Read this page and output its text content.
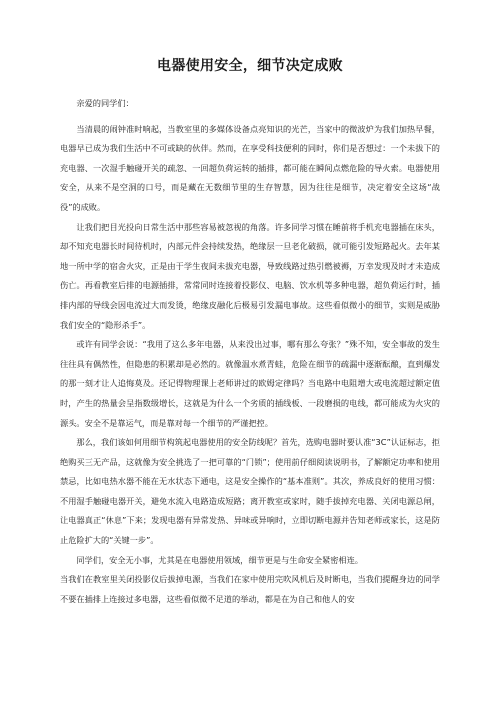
电器使用安全，细节决定成败

亲爱的同学们：

当清晨的闹钟准时响起，当教室里的多媒体设备点亮知识的光芒，当家中的微波炉为我们加热早餐，电器早已成为我们生活中不可或缺的伙伴。然而，在享受科技便利的同时，你们是否想过：一个未拔下的充电器、一次湿手触碰开关的疏忽、一回超负荷运转的插排，都可能在瞬间点燃危险的导火索。电器使用安全，从来不是空洞的口号，而是藏在无数细节里的生存智慧，因为往往是细节，决定着安全这场“战役”的成败。

让我们把目光投向日常生活中那些容易被忽视的角落。许多同学习惯在睡前将手机充电器插在床头，却不知充电器长时间待机时，内部元件会持续发热，绝缘层一旦老化破损，就可能引发短路起火。去年某地一所中学的宿舍火灾，正是由于学生夜间未拔充电器，导致线路过热引燃被褥，万幸发现及时才未造成伤亡。再看教室后排的电源插排，常常同时连接着投影仪、电脑、饮水机等多种电器，超负荷运行时，插排内部的导线会因电流过大而发烫，绝缘皮融化后极易引发漏电事故。这些看似微小的细节，实则是威胁我们安全的“隐形杀手”。

或许有同学会说：“我用了这么多年电器，从来没出过事，哪有那么夸张？”殊不知，安全事故的发生往往具有偶然性，但隐患的积累却是必然的。就像温水煮青蛙，危险在细节的疏漏中逐渐酝酿，直到爆发的那一刻才让人追悔莫及。还记得物理课上老师讲过的欧姆定律吗？当电路中电阻增大或电流超过额定值时，产生的热量会呈指数级增长，这就是为什么一个劣质的插线板、一段磨损的电线，都可能成为火灾的源头。安全不是靠运气，而是靠对每一个细节的严谨把控。

那么，我们该如何用细节构筑起电器使用的安全防线呢？首先，选购电器时要认准“3C”认证标志，拒绝购买三无产品，这就像为安全挑选了一把可靠的“门锁”；使用前仔细阅读说明书，了解额定功率和使用禁忌，比如电热水器不能在无水状态下通电，这是安全操作的“基本准则”。其次，养成良好的使用习惯：不用湿手触碰电器开关，避免水流入电路造成短路；离开教室或家时，随手拔掉充电器、关闭电源总闸，让电器真正“休息”下来；发现电器有异常发热、异味或异响时，立即切断电源并告知老师或家长，这是防止危险扩大的“关键一步”。

同学们，安全无小事，尤其是在电器使用领域，细节更是与生命安全紧密相连。

当我们在教室里关闭投影仪后拔掉电源，当我们在家中使用完吹风机后及时断电，当我们提醒身边的同学不要在插排上连接过多电器，这些看似微不足道的举动，都是在为自己和他人的安
